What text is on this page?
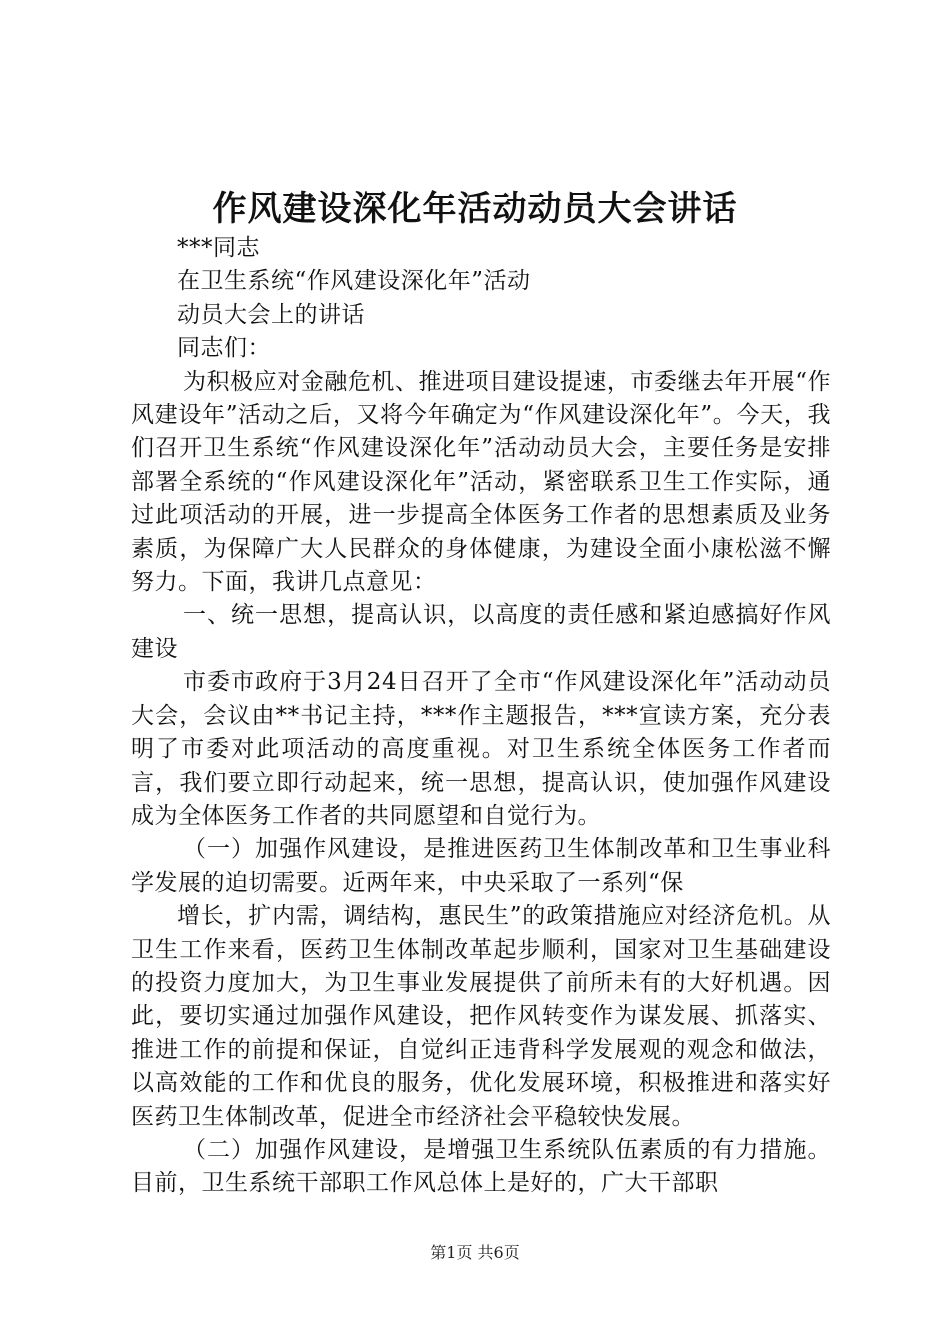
作风建设深化年活动动员大会讲话

***同志

在卫生系统“作风建设深化年”活动

动员大会上的讲话

同志们：

为积极应对金融危机、推进项目建设提速，市委继去年开展“作风建设年”活动之后，又将今年确定为“作风建设深化年”。今天，我们召开卫生系统“作风建设深化年”活动动员大会，主要任务是安排部署全系统的“作风建设深化年”活动，紧密联系卫生工作实际，通过此项活动的开展，进一步提高全体医务工作者的思想素质及业务素质，为保障广大人民群众的身体健康，为建设全面小康松滋不懈努力。下面，我讲几点意见：

一、统一思想，提高认识，以高度的责任感和紧迫感搞好作风建设

市委市政府于3月24日召开了全市“作风建设深化年”活动动员大会，会议由**书记主持，***作主题报告，***宣读方案，充分表明了市委对此项活动的高度重视。对卫生系统全体医务工作者而言，我们要立即行动起来，统一思想，提高认识，使加强作风建设成为全体医务工作者的共同愿望和自觉行为。

（一）加强作风建设，是推进医药卫生体制改革和卫生事业科学发展的迫切需要。近两年来，中央采取了一系列“保

增长，扩内需，调结构，惠民生”的政策措施应对经济危机。从卫生工作来看，医药卫生体制改革起步顺利，国家对卫生基础建设的投资力度加大，为卫生事业发展提供了前所未有的大好机遇。因此，要切实通过加强作风建设，把作风转变作为谋发展、抓落实、推进工作的前提和保证，自觉纠正违背科学发展观的观念和做法，以高效能的工作和优良的服务，优化发展环境，积极推进和落实好医药卫生体制改革，促进全市经济社会平稳较快发展。

（二）加强作风建设，是增强卫生系统队伍素质的有力措施。目前，卫生系统干部职工作风总体上是好的，广大干部职

第1页 共6页
